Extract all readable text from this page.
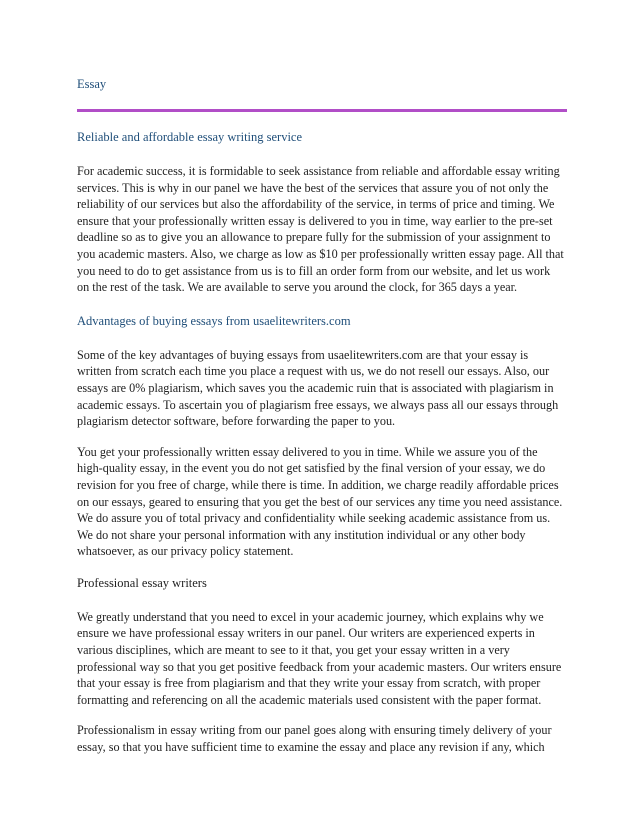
Essay
Reliable and affordable essay writing service

For academic success, it is formidable to seek assistance from reliable and affordable essay writing services. This is why in our panel we have the best of the services that assure you of not only the reliability of our services but also the affordability of the service, in terms of price and timing. We ensure that your professionally written essay is delivered to you in time, way earlier to the pre-set deadline so as to give you an allowance to prepare fully for the submission of your assignment to you academic masters. Also, we charge as low as $10 per professionally written essay page. All that you need to do to get assistance from us is to fill an order form from our website, and let us work on the rest of the task. We are available to serve you around the clock, for 365 days a year.

Advantages of buying essays from usaelitewriters.com

Some of the key advantages of buying essays from usaelitewriters.com are that your essay is written from scratch each time you place a request with us, we do not resell our essays. Also, our essays are 0% plagiarism, which saves you the academic ruin that is associated with plagiarism in academic essays. To ascertain you of plagiarism free essays, we always pass all our essays through plagiarism detector software, before forwarding the paper to you.

You get your professionally written essay delivered to you in time. While we assure you of the high-quality essay, in the event you do not get satisfied by the final version of your essay, we do revision for you free of charge, while there is time. In addition, we charge readily affordable prices on our essays, geared to ensuring that you get the best of our services any time you need assistance. We do assure you of total privacy and confidentiality while seeking academic assistance from us. We do not share your personal information with any institution individual or any other body whatsoever, as our privacy policy statement.

Professional essay writers

We greatly understand that you need to excel in your academic journey, which explains why we ensure we have professional essay writers in our panel. Our writers are experienced experts in various disciplines, which are meant to see to it that, you get your essay written in a very professional way so that you get positive feedback from your academic masters. Our writers ensure that your essay is free from plagiarism and that they write your essay from scratch, with proper formatting and referencing on all the academic materials used consistent with the paper format.

Professionalism in essay writing from our panel goes along with ensuring timely delivery of your essay, so that you have sufficient time to examine the essay and place any revision if any, which
